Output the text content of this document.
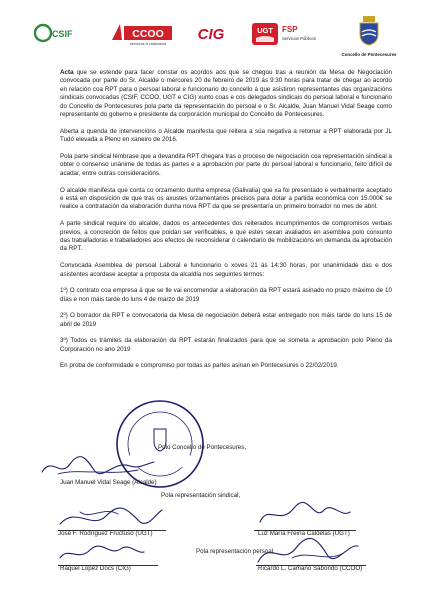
CSIF	CCOO
servizos á cidadanía
CIG	UGT FSP
Servicios Públicos
Concello de Pontecesures

Acta que se estende para facer constar os acordos aos que se chegou tras a reunión da Mesa de Negociación convocada por parte do Sr. Alcalde o mércores 20 de febreiro de 2019 ás 9:30 horas para tratar de chegar ao acordo en relación coa RPT para o persoal laboral e funcionario do concello á que asistiron representantes das organizacións sindicais convocadas (CSIF, CCOO, UGT e CIG) xunto coas e cos delegados sindicais do persoal laboral e funcionario do Concello de Pontecesures pola parte da representación do persoal e o Sr. Alcalde, Juan Manuel Vidal Seage como representante do goberno e presidente da corporación municipal do Concello de Pontecesures.

Aberta a quenda de intervencións o Alcalde manifesta que reitera a súa negativa a retomar a RPT elaborada por JL Tudó elevada a Pleno en xaneiro de 2016.

Pola parte sindical lémbrase que a devandita RPT chegara tras o proceso de negociación coa representación sindical a obter o consenso unánime de todas as partes e a aprobación por parte do persoal laboral e funcionario, feito difícil de acadar, entre outras consideracións.

O alcalde manifesta que conta co orzamento dunha empresa (Galivalia) que xa foi presentado e verbalmente aceptado e está en disposición de que tras os axustes orzamentarios precisos para dotar a partida económica con 15.000€ se realice a contratación da elaboración dunha nova RPT da que se presentaría un primeiro borrador no mes de abril.

A parte sindical require do alcalde, dados os antecedentes dos reiterados incumprimentos de compromisos verbais previos, a concreción de feitos que poidan ser verificables, e que estes sexan avaliados en asemblea polo conxunto das traballadoras e traballadores aos efectos de reconsiderar o calendario de mobilizacións en demanda da aprobación da RPT.

Convocada Asemblea de persoal Laboral e funcionario o xoves 21 ás 14:30 horas, por unanimidade das e dos asistentes acordase aceptar a proposta da alcaldía nos seguintes termos:

1º) O contrato coa empresa á que se lle vai encomendar a elaboración da RPT estará asinado no prazo máximo de 10 días e non máis tarde do luns 4 de marzo de 2019

2º) O borrador da RPT e convocatoria da Mesa de negociación deberá estar entregado non máis tarde do luns 15 de abril de 2019

3º) Todos os trámites da elaboración da RPT estarán finalizados para que se someta a aprobación polo Pleno da Corporación no ano 2019

En proba de conformidade e compromiso por todas as partes asinan en Pontecesures o 22/02/2019.

Polo Concello de Pontecesures,
Juan Manuel Vidal Seage (Alcalde)
Pola representación sindical,
José F. Rodríguez Fructuso (UGT)	Luz María Freiría Caldelas (UGT)
Raquel López Docs (CIG)
Pola representación persoal,
Ricardo L. Camaño Saborido (CCOO)
